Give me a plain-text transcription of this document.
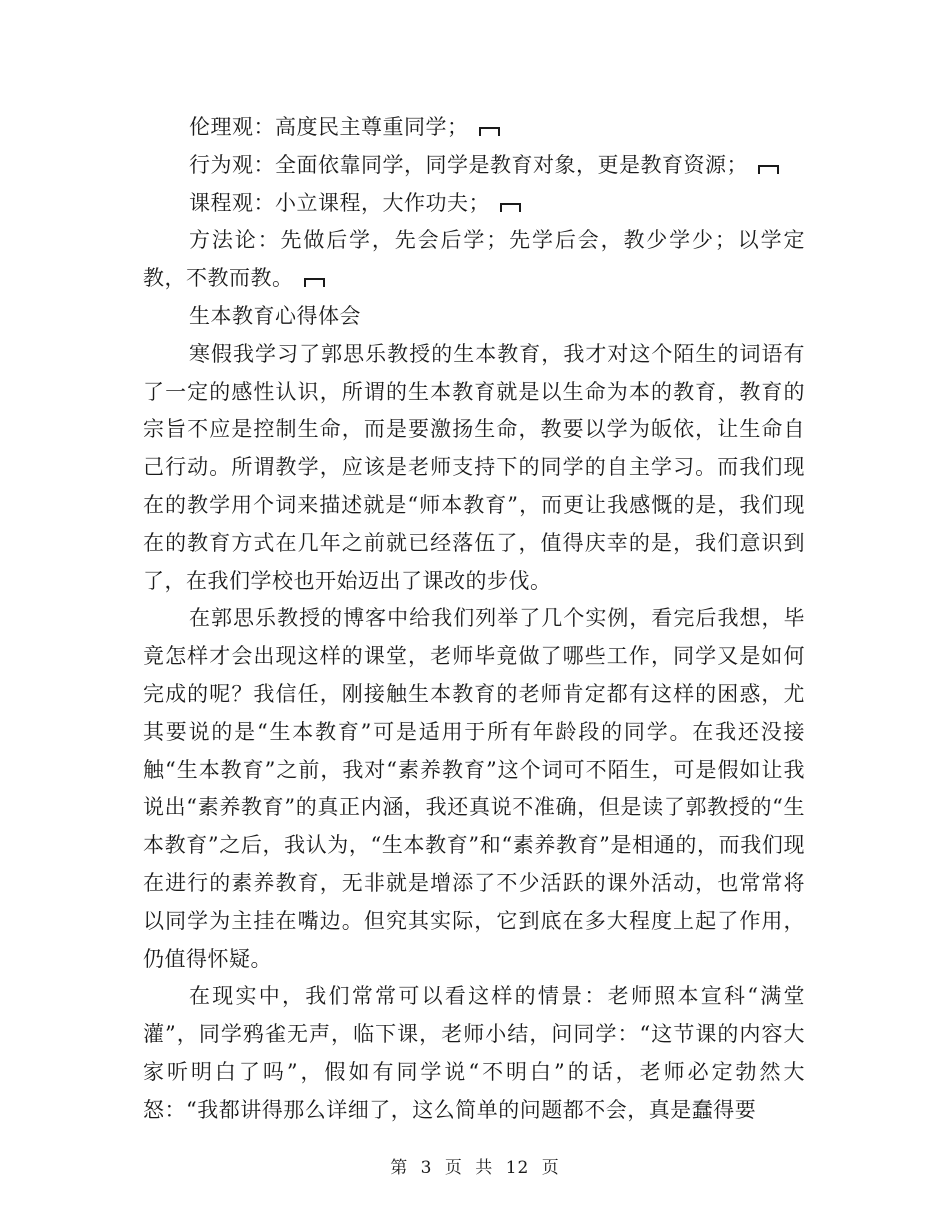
伦理观：高度民主尊重同学；

行为观：全面依靠同学，同学是教育对象，更是教育资源；

课程观：小立课程，大作功夫；

方法论：先做后学，先会后学；先学后会，教少学少；以学定教，不教而教。

生本教育心得体会

寒假我学习了郭思乐教授的生本教育，我才对这个陌生的词语有了一定的感性认识，所谓的生本教育就是以生命为本的教育，教育的宗旨不应是控制生命，而是要激扬生命，教要以学为皈依，让生命自己行动。所谓教学，应该是老师支持下的同学的自主学习。而我们现在的教学用个词来描述就是“师本教育”，而更让我感慨的是，我们现在的教育方式在几年之前就已经落伍了，值得庆幸的是，我们意识到了，在我们学校也开始迈出了课改的步伐。

在郭思乐教授的博客中给我们列举了几个实例，看完后我想，毕竟怎样才会出现这样的课堂，老师毕竟做了哪些工作，同学又是如何完成的呢？我信任，刚接触生本教育的老师肯定都有这样的困惑，尤其要说的是“生本教育”可是适用于所有年龄段的同学。在我还没接触“生本教育”之前，我对“素养教育”这个词可不陌生，可是假如让我说出“素养教育”的真正内涵，我还真说不准确，但是读了郭教授的“生本教育”之后，我认为，“生本教育”和“素养教育”是相通的，而我们现在进行的素养教育，无非就是增添了不少活跃的课外活动，也常常将以同学为主挂在嘴边。但究其实际，它到底在多大程度上起了作用，仍值得怀疑。

在现实中，我们常常可以看这样的情景：老师照本宣科“满堂灌”，同学鸦雀无声，临下课，老师小结，问同学：“这节课的内容大家听明白了吗”，假如有同学说“不明白”的话，老师必定勃然大怒：“我都讲得那么详细了，这么简单的问题都不会，真是蠢得要

第 3 页 共 12 页
